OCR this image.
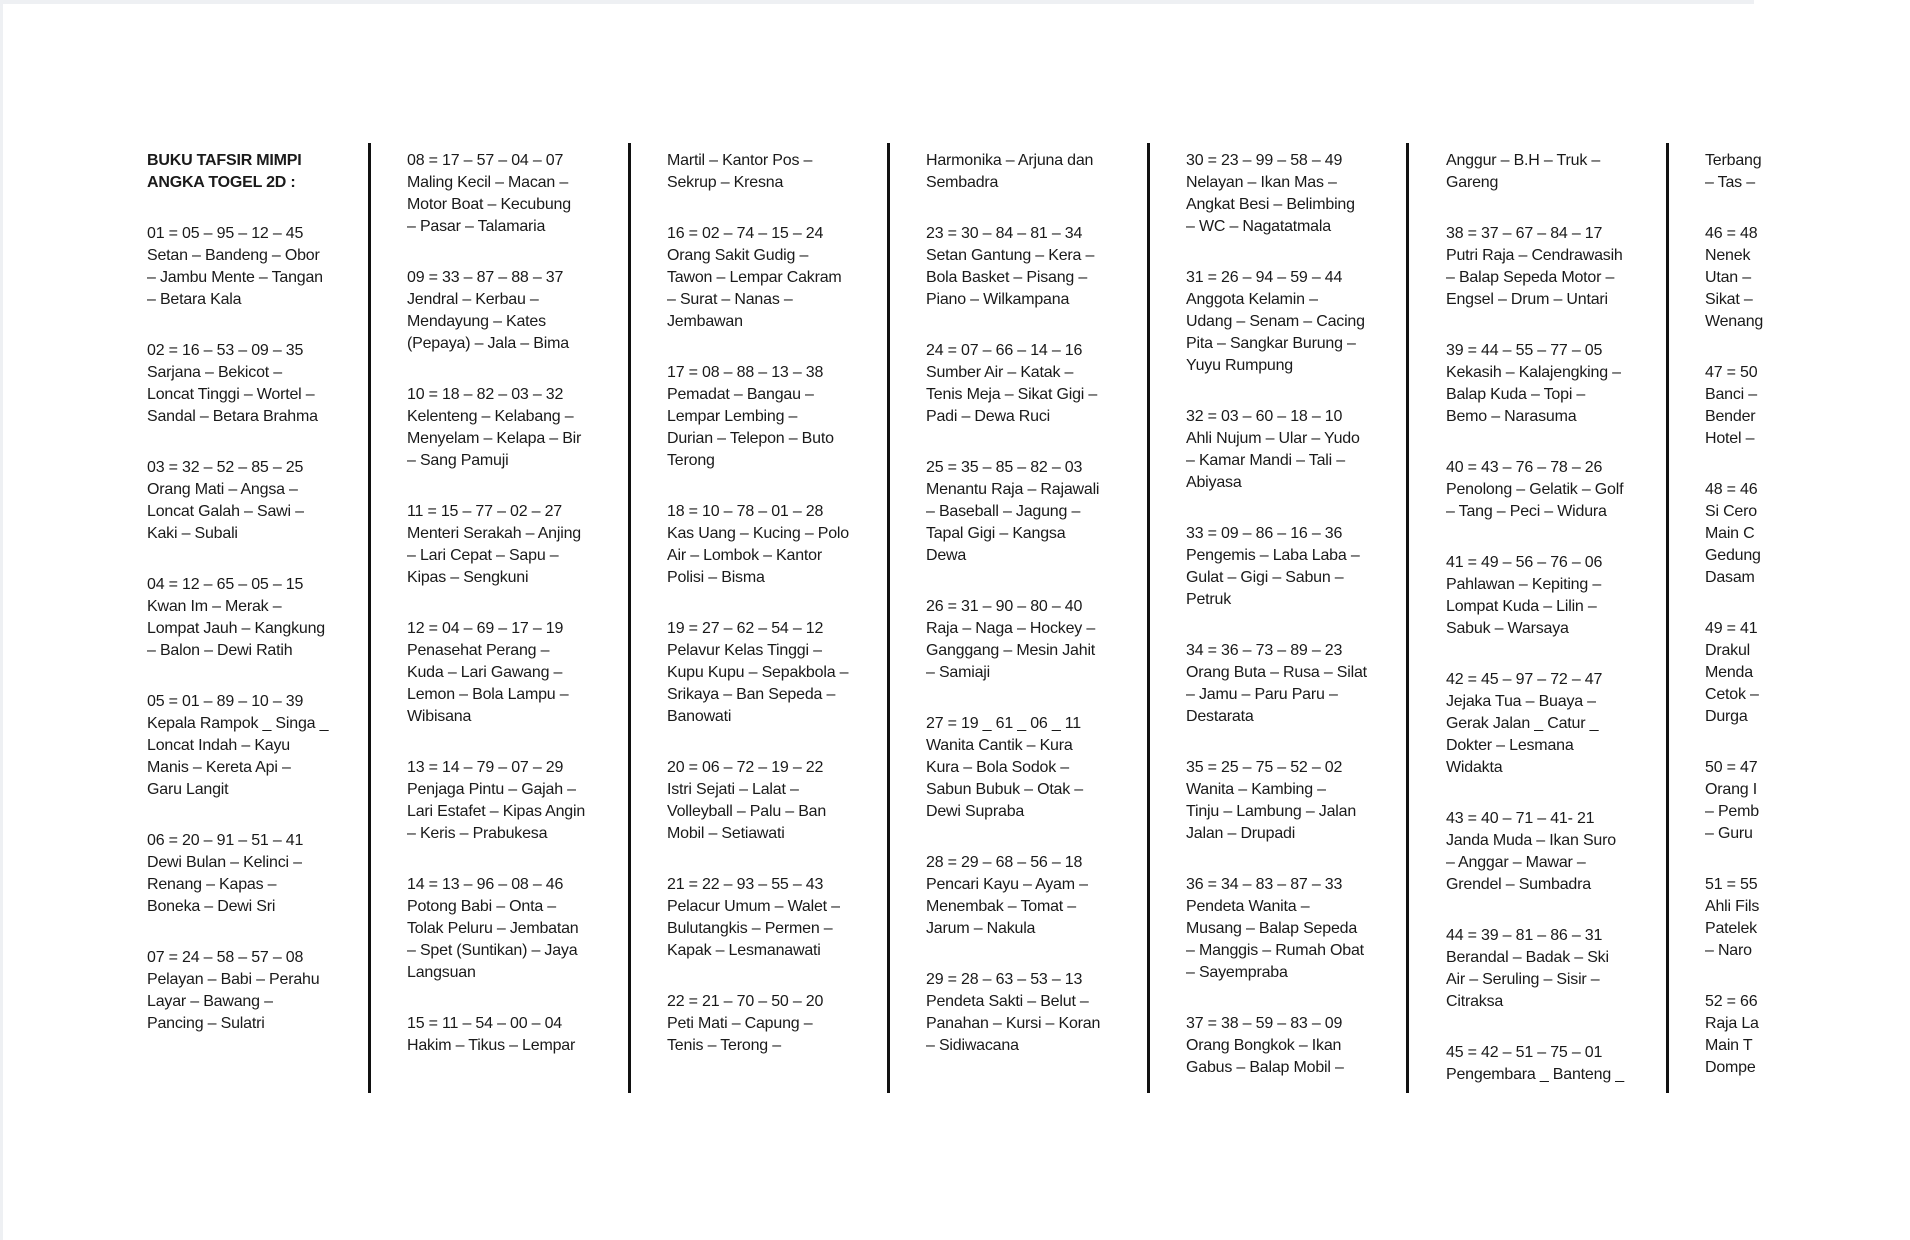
BUKU TAFSIR MIMPI
ANGKA TOGEL 2D :
01 = 05 – 95 – 12 – 45
Setan – Bandeng – Obor
– Jambu Mente – Tangan
– Betara Kala
02 = 16 – 53 – 09 – 35
Sarjana – Bekicot –
Loncat Tinggi – Wortel –
Sandal – Betara Brahma
03 = 32 – 52 – 85 – 25
Orang Mati – Angsa –
Loncat Galah – Sawi –
Kaki – Subali
04 = 12 – 65 – 05 – 15
Kwan Im – Merak –
Lompat Jauh – Kangkung
– Balon – Dewi Ratih
05 = 01 – 89 – 10 – 39
Kepala Rampok _ Singa _
Loncat Indah – Kayu
Manis – Kereta Api –
Garu Langit
06 = 20 – 91 – 51 – 41
Dewi Bulan – Kelinci –
Renang – Kapas –
Boneka – Dewi Sri
07 = 24 – 58 – 57 – 08
Pelayan – Babi – Perahu
Layar – Bawang –
Pancing – Sulatri
08 = 17 – 57 – 04 – 07
Maling Kecil – Macan –
Motor Boat – Kecubung
– Pasar – Talamaria
09 = 33 – 87 – 88 – 37
Jendral – Kerbau –
Mendayung – Kates
(Pepaya) – Jala – Bima
10 = 18 – 82 – 03 – 32
Kelenteng – Kelabang –
Menyelam – Kelapa – Bir
– Sang Pamuji
11 = 15 – 77 – 02 – 27
Menteri Serakah – Anjing
– Lari Cepat – Sapu –
Kipas – Sengkuni
12 = 04 – 69 – 17 – 19
Penasehat Perang –
Kuda – Lari Gawang –
Lemon – Bola Lampu –
Wibisana
13 = 14 – 79 – 07 – 29
Penjaga Pintu – Gajah –
Lari Estafet – Kipas Angin
– Keris – Prabukesa
14 = 13 – 96 – 08 – 46
Potong Babi – Onta –
Tolak Peluru – Jembatan
– Spet (Suntikan) – Jaya
Langsuan
15 = 11 – 54 – 00 – 04
Hakim – Tikus – Lempar
Martil – Kantor Pos –
Sekrup – Kresna
16 = 02 – 74 – 15 – 24
Orang Sakit Gudig –
Tawon – Lempar Cakram
– Surat – Nanas –
Jembawan
17 = 08 – 88 – 13 – 38
Pemadat – Bangau –
Lempar Lembing –
Durian – Telepon – Buto
Terong
18 = 10 – 78 – 01 – 28
Kas Uang – Kucing – Polo
Air – Lombok – Kantor
Polisi – Bisma
19 = 27 – 62 – 54 – 12
Pelavur Kelas Tinggi –
Kupu Kupu – Sepakbola –
Srikaya – Ban Sepeda –
Banowati
20 = 06 – 72 – 19 – 22
Istri Sejati – Lalat –
Volleyball – Palu – Ban
Mobil – Setiawati
21 = 22 – 93 – 55 – 43
Pelacur Umum – Walet –
Bulutangkis – Permen –
Kapak – Lesmanawati
22 = 21 – 70 – 50 – 20
Peti Mati – Capung –
Tenis – Terong –
Harmonika – Arjuna dan
Sembadra
23 = 30 – 84 – 81 – 34
Setan Gantung – Kera –
Bola Basket – Pisang –
Piano – Wilkampana
24 = 07 – 66 – 14 – 16
Sumber Air – Katak –
Tenis Meja – Sikat Gigi –
Padi – Dewa Ruci
25 = 35 – 85 – 82 – 03
Menantu Raja – Rajawali
– Baseball – Jagung –
Tapal Gigi – Kangsa
Dewa
26 = 31 – 90 – 80 – 40
Raja – Naga – Hockey –
Ganggang – Mesin Jahit
– Samiaji
27 = 19 _ 61 _ 06 _ 11
Wanita Cantik – Kura
Kura – Bola Sodok –
Sabun Bubuk – Otak –
Dewi Supraba
28 = 29 – 68 – 56 – 18
Pencari Kayu – Ayam –
Menembak – Tomat –
Jarum – Nakula
29 = 28 – 63 – 53 – 13
Pendeta Sakti – Belut –
Panahan – Kursi – Koran
– Sidiwacana
30 = 23 – 99 – 58 – 49
Nelayan – Ikan Mas –
Angkat Besi – Belimbing
– WC – Nagatatmala
31 = 26 – 94 – 59 – 44
Anggota Kelamin –
Udang – Senam – Cacing
Pita – Sangkar Burung –
Yuyu Rumpung
32 = 03 – 60 – 18 – 10
Ahli Nujum – Ular – Yudo
– Kamar Mandi – Tali –
Abiyasa
33 = 09 – 86 – 16 – 36
Pengemis – Laba Laba –
Gulat – Gigi – Sabun –
Petruk
34 = 36 – 73 – 89 – 23
Orang Buta – Rusa – Silat
– Jamu – Paru Paru –
Destarata
35 = 25 – 75 – 52 – 02
Wanita – Kambing –
Tinju – Lambung – Jalan
Jalan – Drupadi
36 = 34 – 83 – 87 – 33
Pendeta Wanita –
Musang – Balap Sepeda
– Manggis – Rumah Obat
– Sayempraba
37 = 38 – 59 – 83 – 09
Orang Bongkok – Ikan
Gabus – Balap Mobil –
Anggur – B.H – Truk –
Gareng
38 = 37 – 67 – 84 – 17
Putri Raja – Cendrawasih
– Balap Sepeda Motor –
Engsel – Drum – Untari
39 = 44 – 55 – 77 – 05
Kekasih – Kalajengking –
Balap Kuda – Topi –
Bemo – Narasuma
40 = 43 – 76 – 78 – 26
Penolong – Gelatik – Golf
– Tang – Peci – Widura
41 = 49 – 56 – 76 – 06
Pahlawan – Kepiting –
Lompat Kuda – Lilin –
Sabuk – Warsaya
42 = 45 – 97 – 72 – 47
Jejaka Tua – Buaya –
Gerak Jalan _ Catur _
Dokter – Lesmana
Widakta
43 = 40 – 71 – 41- 21
Janda Muda – Ikan Suro
– Anggar – Mawar –
Grendel – Sumbadra
44 = 39 – 81 – 86 – 31
Berandal – Badak – Ski
Air – Seruling – Sisir –
Citraksa
45 = 42 – 51 – 75 – 01
Pengembara _ Banteng _
Terbang
– Tas –
46 = 48
Nenek
Utan –
Sikat –
Wenang
47 = 50
Banci –
Bender
Hotel –
48 = 46
Si Cero
Main C
Gedung
Dasam
49 = 41
Drakul
Menda
Cetok –
Durga
50 = 47
Orang I
– Pemb
– Guru
51 = 55
Ahli Fils
Patelek
– Naro
52 = 66
Raja La
Main T
Dompe
